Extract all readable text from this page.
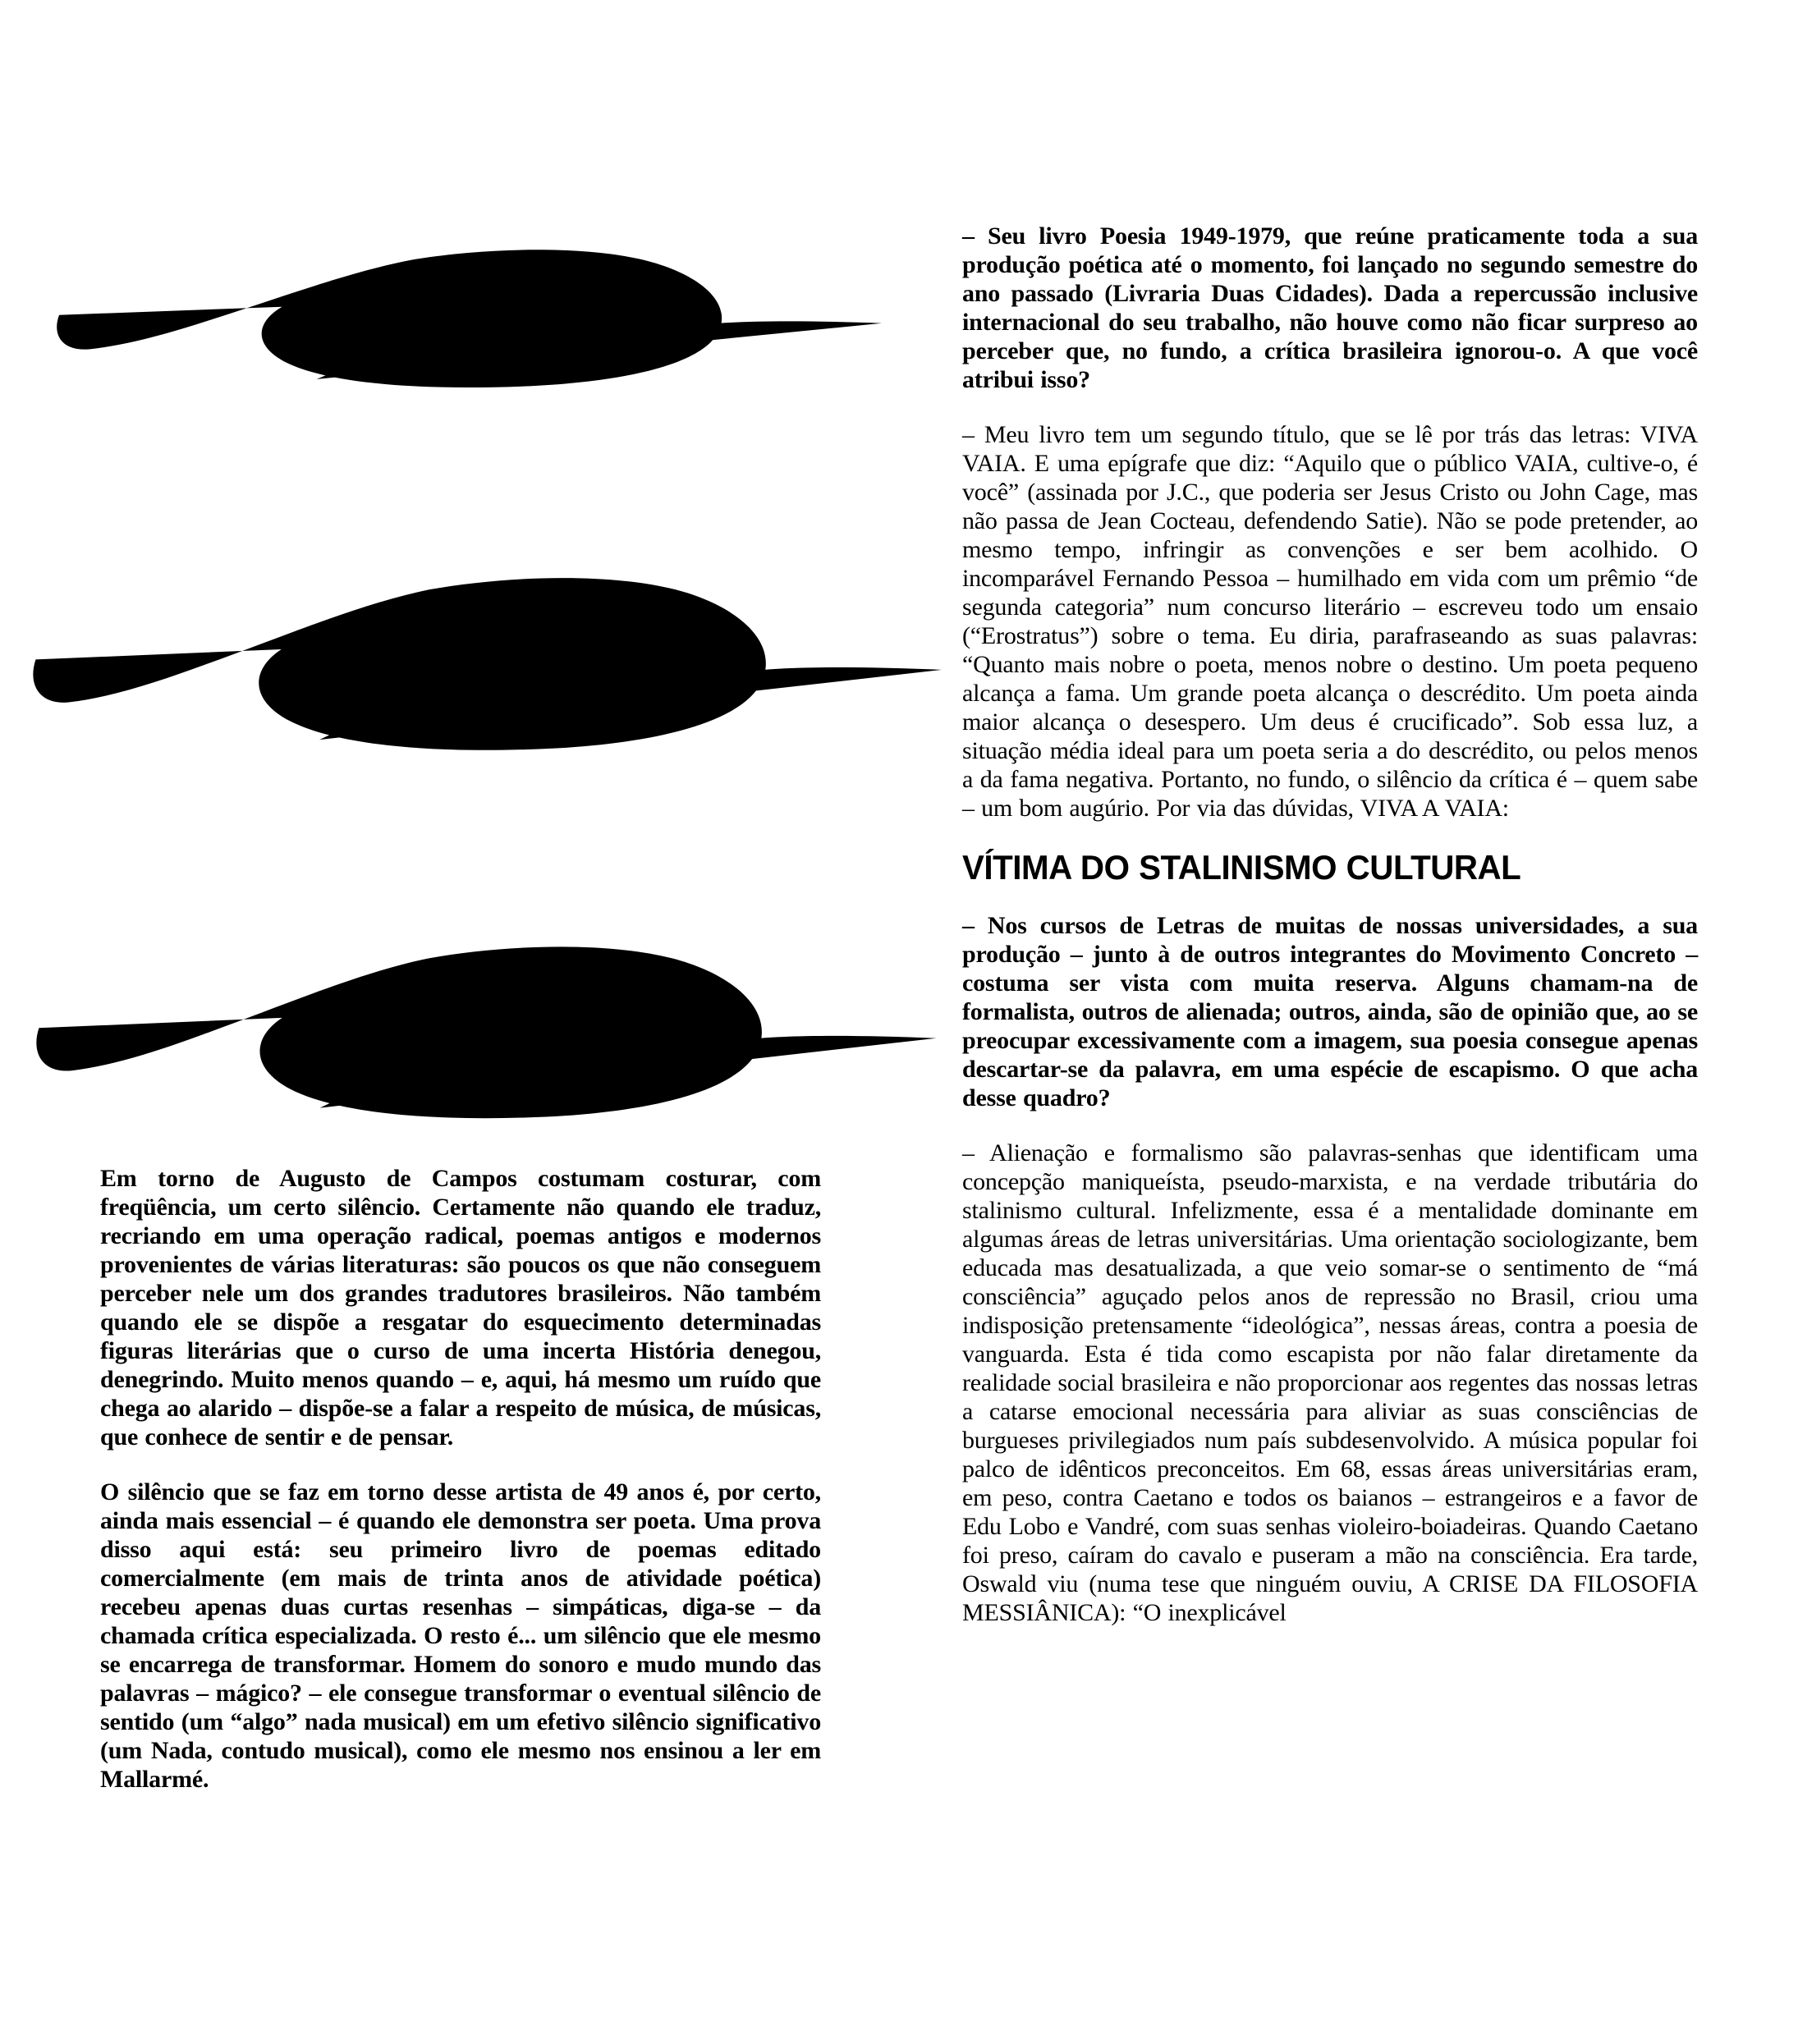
Em torno de Augusto de Campos costumam costurar, com freqüência, um certo silêncio. Certamente não quando ele traduz, recriando em uma operação radical, poemas antigos e modernos provenientes de várias literaturas: são poucos os que não conseguem perceber nele um dos grandes tradutores brasileiros. Não também quando ele se dispõe a resgatar do esquecimento determinadas figuras literárias que o curso de uma incerta História denegou, denegrindo. Muito menos quando – e, aqui, há mesmo um ruído que chega ao alarido – dispõe-se a falar a respeito de música, de músicas, que conhece de sentir e de pensar.

O silêncio que se faz em torno desse artista de 49 anos é, por certo, ainda mais essencial – é quando ele demonstra ser poeta. Uma prova disso aqui está: seu primeiro livro de poemas editado comercialmente (em mais de trinta anos de atividade poética) recebeu apenas duas curtas resenhas – simpáticas, diga-se – da chamada crítica especializada. O resto é... um silêncio que ele mesmo se encarrega de transformar. Homem do sonoro e mudo mundo das palavras – mágico? – ele consegue transformar o eventual silêncio de sentido (um “algo” nada musical) em um efetivo silêncio significativo (um Nada, contudo musical), como ele mesmo nos ensinou a ler em Mallarmé.

– Seu livro Poesia 1949-1979, que reúne praticamente toda a sua produção poética até o momento, foi lançado no segundo semestre do ano passado (Livraria Duas Cidades). Dada a repercussão inclusive internacional do seu trabalho, não houve como não ficar surpreso ao perceber que, no fundo, a crítica brasileira ignorou-o. A que você atribui isso?

– Meu livro tem um segundo título, que se lê por trás das letras: VIVA VAIA. E uma epígrafe que diz: “Aquilo que o público VAIA, cultive-o, é você” (assinada por J.C., que poderia ser Jesus Cristo ou John Cage, mas não passa de Jean Cocteau, defendendo Satie). Não se pode pretender, ao mesmo tempo, infringir as convenções e ser bem acolhido. O incomparável Fernando Pessoa – humilhado em vida com um prêmio “de segunda categoria” num concurso literário – escreveu todo um ensaio (“Erostratus”) sobre o tema. Eu diria, parafraseando as suas palavras: “Quanto mais nobre o poeta, menos nobre o destino. Um poeta pequeno alcança a fama. Um grande poeta alcança o descrédito. Um poeta ainda maior alcança o desespero. Um deus é crucificado”. Sob essa luz, a situação média ideal para um poeta seria a do descrédito, ou pelos menos a da fama negativa. Portanto, no fundo, o silêncio da crítica é – quem sabe – um bom augúrio. Por via das dúvidas, VIVA A VAIA:

VÍTIMA DO STALINISMO CULTURAL

– Nos cursos de Letras de muitas de nossas universidades, a sua produção – junto à de outros integrantes do Movimento Concreto – costuma ser vista com muita reserva. Alguns chamam-na de formalista, outros de alienada; outros, ainda, são de opinião que, ao se preocupar excessivamente com a imagem, sua poesia consegue apenas descartar-se da palavra, em uma espécie de escapismo. O que acha desse quadro?

– Alienação e formalismo são palavras-senhas que identificam uma concepção maniqueísta, pseudo-marxista, e na verdade tributária do stalinismo cultural. Infelizmente, essa é a mentalidade dominante em algumas áreas de letras universitárias. Uma orientação sociologizante, bem educada mas desatualizada, a que veio somar-se o sentimento de “má consciência” aguçado pelos anos de repressão no Brasil, criou uma indisposição pretensamente “ideológica”, nessas áreas, contra a poesia de vanguarda. Esta é tida como escapista por não falar diretamente da realidade social brasileira e não proporcionar aos regentes das nossas letras a catarse emocional necessária para aliviar as suas consciências de burgueses privilegiados num país subdesenvolvido. A música popular foi palco de idênticos preconceitos. Em 68, essas áreas universitárias eram, em peso, contra Caetano e todos os baianos – estrangeiros e a favor de Edu Lobo e Vandré, com suas senhas violeiro-boiadeiras. Quando Caetano foi preso, caíram do cavalo e puseram a mão na consciência. Era tarde, Oswald viu (numa tese que ninguém ouviu, A CRISE DA FILOSOFIA MESSIÂNICA): “O inexplicável
